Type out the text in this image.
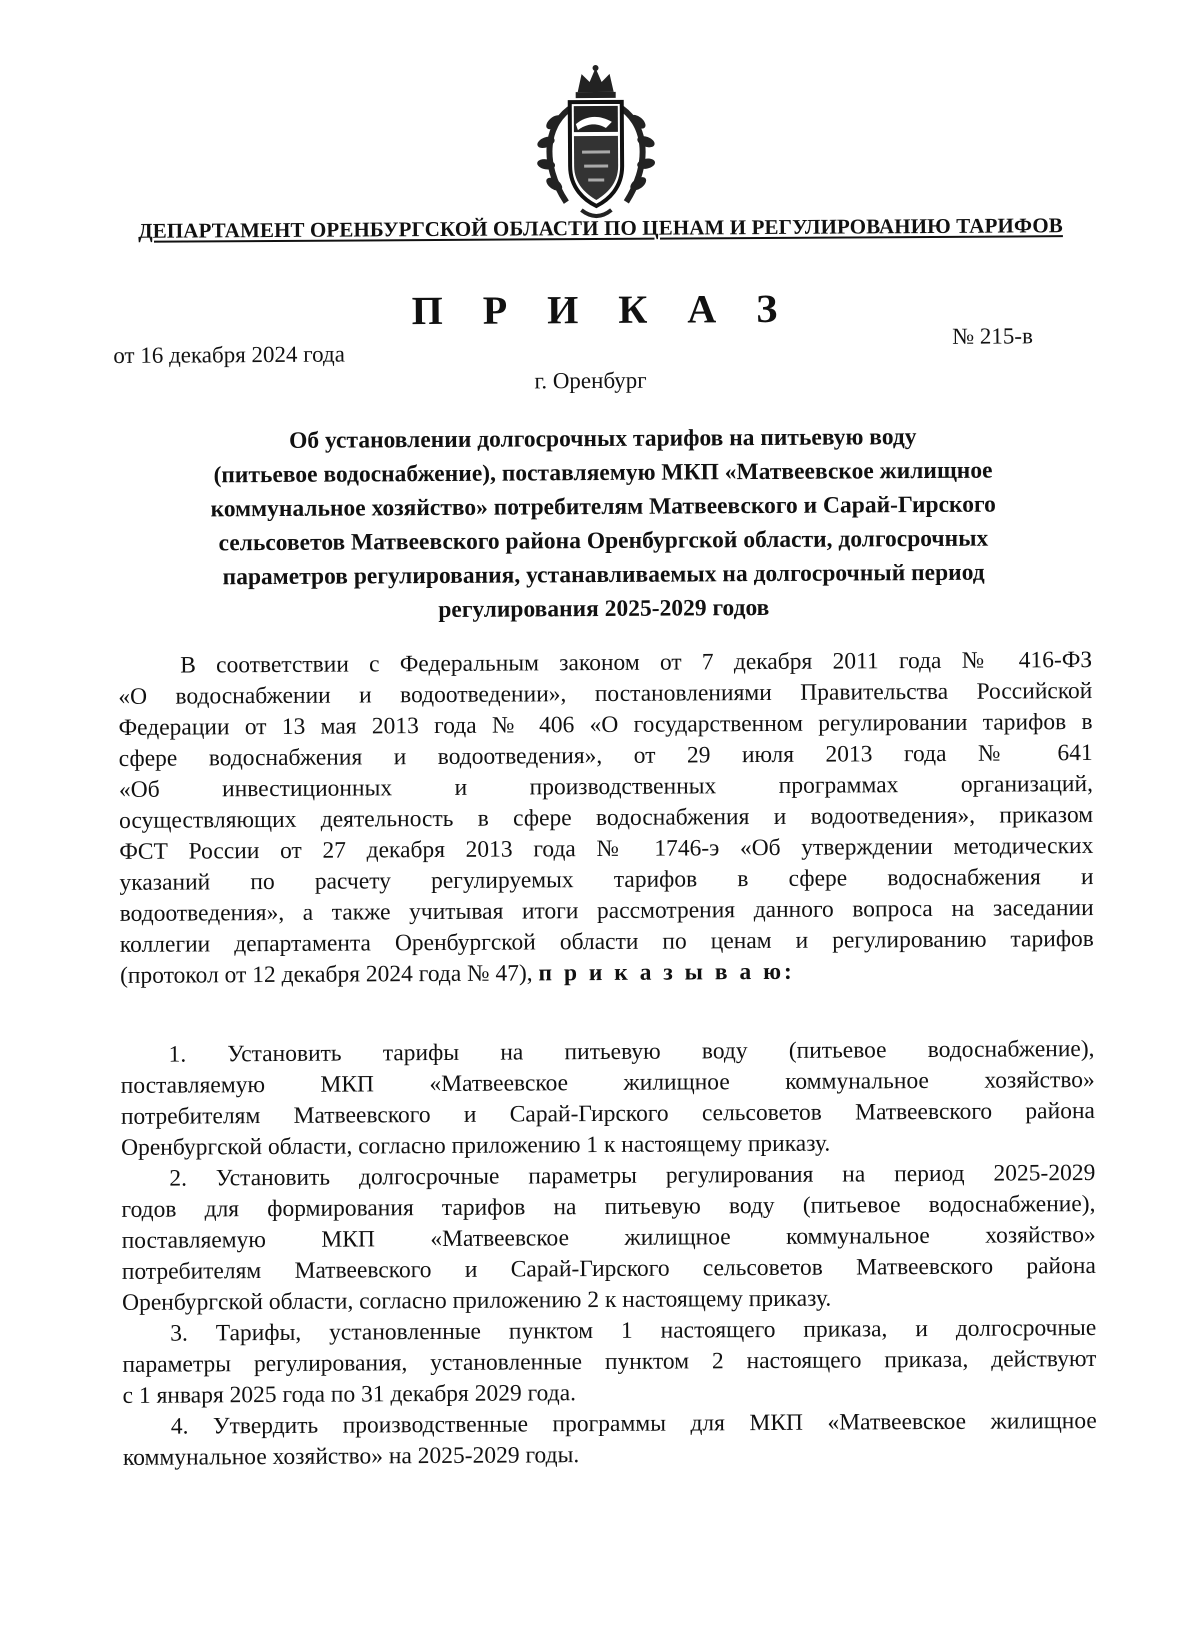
ДЕПАРТАМЕНТ ОРЕНБУРГСКОЙ ОБЛАСТИ ПО ЦЕНАМ И РЕГУЛИРОВАНИЮ ТАРИФОВ
П Р И К А З
от 16 декабря 2024 года
№ 215-в
г. Оренбург
Об установлении долгосрочных тарифов на питьевую воду
(питьевое водоснабжение), поставляемую МКП «Матвеевское жилищное
коммунальное хозяйство» потребителям Матвеевского и Сарай-Гирского
сельсоветов Матвеевского района Оренбургской области, долгосрочных
параметров регулирования, устанавливаемых на долгосрочный период
регулирования 2025-2029 годов
В соответствии с Федеральным законом от 7 декабря 2011 года № 416-ФЗ
«О водоснабжении и водоотведении», постановлениями Правительства Российской
Федерации от 13 мая 2013 года № 406 «О государственном регулировании тарифов в
сфере водоснабжения и водоотведения», от 29 июля 2013 года № 641
«Об инвестиционных и производственных программах организаций,
осуществляющих деятельность в сфере водоснабжения и водоотведения», приказом
ФСТ России от 27 декабря 2013 года № 1746-э «Об утверждении методических
указаний по расчету регулируемых тарифов в сфере водоснабжения и
водоотведения», а также учитывая итоги рассмотрения данного вопроса на заседании
коллегии департамента Оренбургской области по ценам и регулированию тарифов
(протокол от 12 декабря 2024 года № 47), п р и к а з ы в а ю:
1. Установить тарифы на питьевую воду (питьевое водоснабжение),
поставляемую МКП «Матвеевское жилищное коммунальное хозяйство»
потребителям Матвеевского и Сарай-Гирского сельсоветов Матвеевского района
Оренбургской области, согласно приложению 1 к настоящему приказу.
2. Установить долгосрочные параметры регулирования на период 2025-2029
годов для формирования тарифов на питьевую воду (питьевое водоснабжение),
поставляемую МКП «Матвеевское жилищное коммунальное хозяйство»
потребителям Матвеевского и Сарай-Гирского сельсоветов Матвеевского района
Оренбургской области, согласно приложению 2 к настоящему приказу.
3. Тарифы, установленные пунктом 1 настоящего приказа, и долгосрочные
параметры регулирования, установленные пунктом 2 настоящего приказа, действуют
с 1 января 2025 года по 31 декабря 2029 года.
4. Утвердить производственные программы для МКП «Матвеевское жилищное
коммунальное хозяйство» на 2025-2029 годы.
